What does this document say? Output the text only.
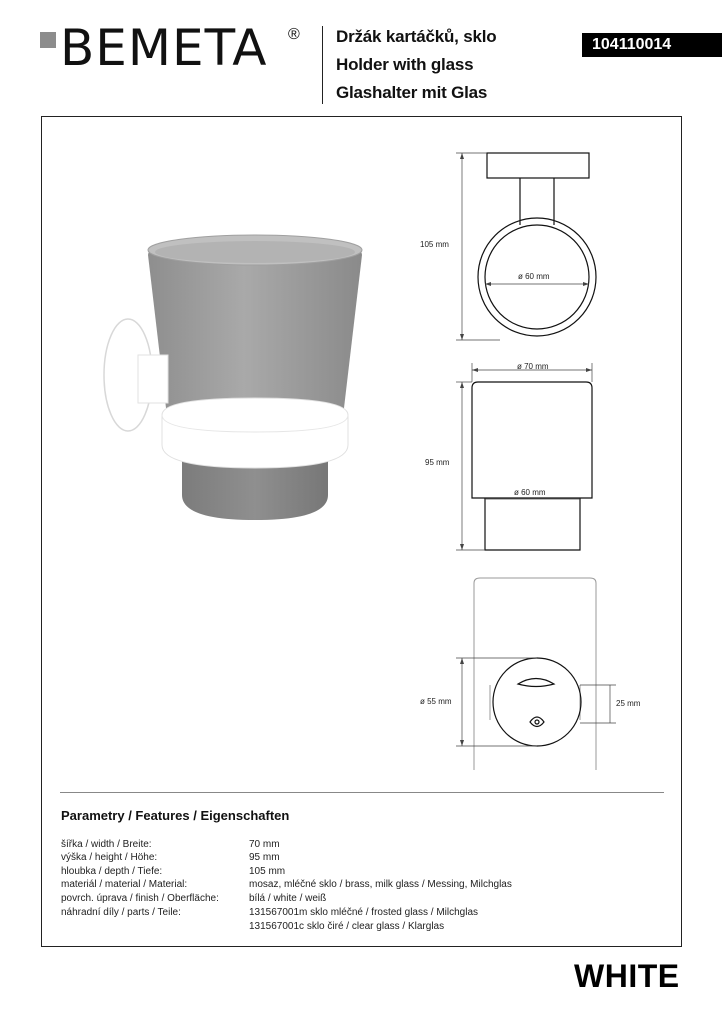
BEMETA ® Držák kartáčků, sklo
Holder with glass
Glashalter mit Glas
104110014
105 mm
ø 60 mm
ø 70 mm
95 mm
ø 60 mm
ø 55 mm	25 mm
Parametry / Features / Eigenschaften
šířka / width / Breite:	70 mm
výška / height / Höhe:	95 mm
hloubka / depth / Tiefe:	105 mm
materiál / material / Material:	mosaz, mléčné sklo / brass, milk glass / Messing, Milchglas
povrch. úprava / finish / Oberfläche:	bílá / white / weiß
náhradní díly / parts / Teile:	131567001m sklo mléčné / frosted glass / Milchglas
131567001c sklo čiré / clear glass / Klarglas
WHITE
